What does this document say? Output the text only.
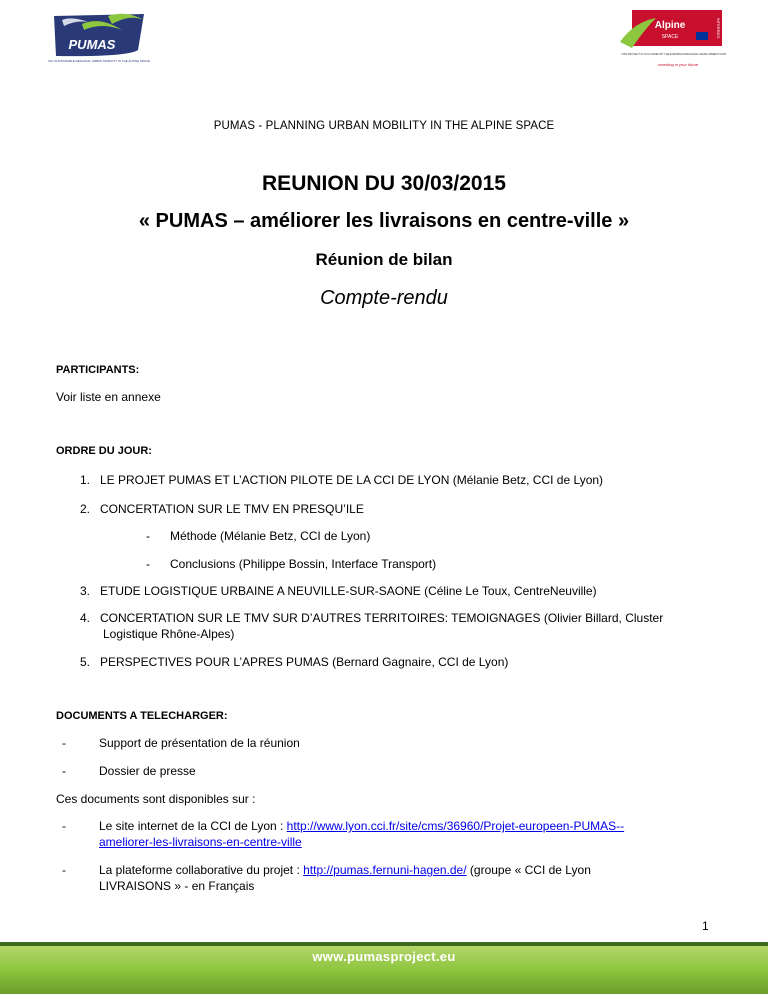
PUMAS
PLANNING SUSTAINABLE REGIONAL URBAN MOBILITY IN THE ALPINE SPACE
Alpine
SPACE	INTERREG
THIS PROJECT IS CO-FUNDED BY THE EUROPEAN REGIONAL DEVELOPMENT FUND
investing in your future
PUMAS - PLANNING URBAN MOBILITY IN THE ALPINE SPACE
REUNION DU 30/03/2015
« PUMAS – améliorer les livraisons en centre-ville »
Réunion de bilan
Compte-rendu
PARTICIPANTS:
Voir liste en annexe
ORDRE DU JOUR:
1. LE PROJET PUMAS ET L’ACTION PILOTE DE LA CCI DE LYON (Mélanie Betz, CCI de Lyon)
2. CONCERTATION SUR LE TMV EN PRESQU’ILE
- Méthode (Mélanie Betz, CCI de Lyon)
- Conclusions (Philippe Bossin, Interface Transport)
3. ETUDE LOGISTIQUE URBAINE A NEUVILLE-SUR-SAONE (Céline Le Toux, CentreNeuville)
4. CONCERTATION SUR LE TMV SUR D’AUTRES TERRITOIRES: TEMOIGNAGES (Olivier Billard, Cluster
Logistique Rhône-Alpes)
5. PERSPECTIVES POUR L’APRES PUMAS (Bernard Gagnaire, CCI de Lyon)
DOCUMENTS A TELECHARGER:
-	Support de présentation de la réunion
-	Dossier de presse
Ces documents sont disponibles sur :
-	Le site internet de la CCI de Lyon : http://www.lyon.cci.fr/site/cms/36960/Projet-europeen-PUMAS--
ameliorer-les-livraisons-en-centre-ville
-	La plateforme collaborative du projet : http://pumas.fernuni-hagen.de/ (groupe « CCI de Lyon
LIVRAISONS » - en Français
1
www.pumasproject.eu
